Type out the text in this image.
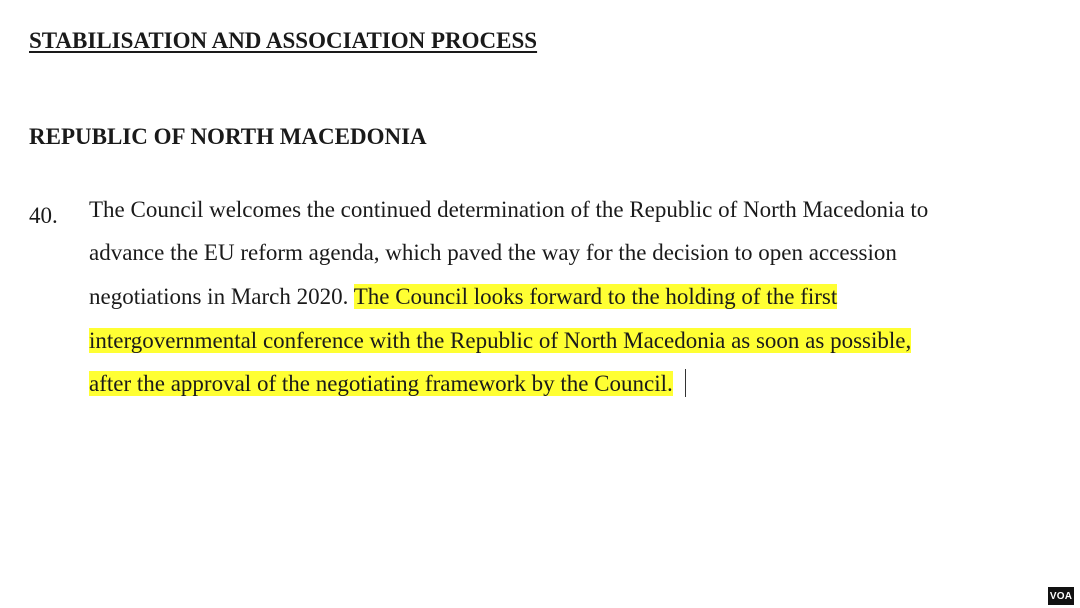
STABILISATION AND ASSOCIATION PROCESS
REPUBLIC OF NORTH MACEDONIA
40. The Council welcomes the continued determination of the Republic of North Macedonia to
advance the EU reform agenda, which paved the way for the decision to open accession
negotiations in March 2020. The Council looks forward to the holding of the first
intergovernmental conference with the Republic of North Macedonia as soon as possible,
after the approval of the negotiating framework by the Council.
VOA
